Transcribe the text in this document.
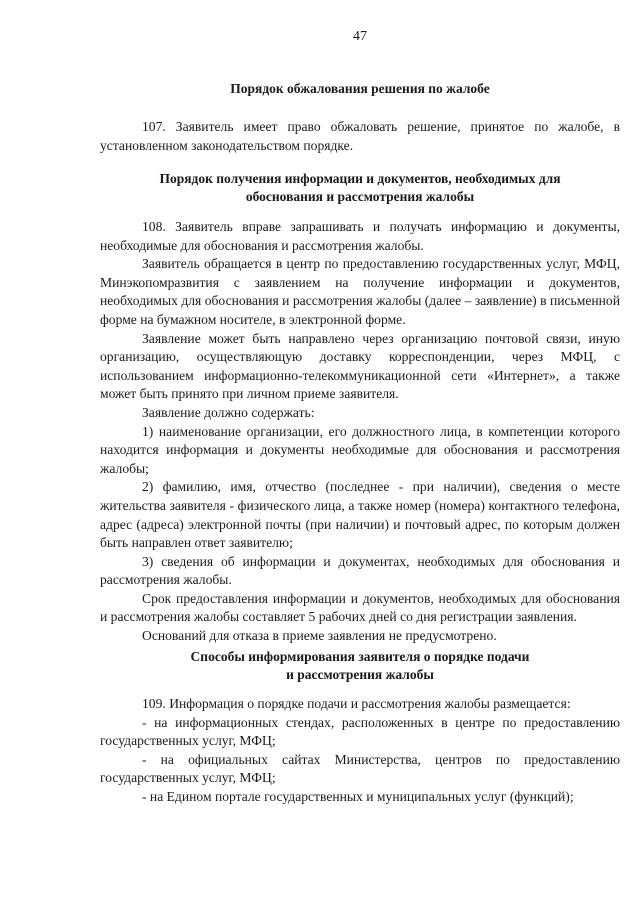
47
Порядок обжалования решения по жалобе

107. Заявитель имеет право обжаловать решение, принятое по жалобе, в установленном законодательством порядке.

Порядок получения информации и документов, необходимых для
обоснования и рассмотрения жалобы

108. Заявитель вправе запрашивать и получать информацию и документы, необходимые для обоснования и рассмотрения жалобы.

Заявитель обращается в центр по предоставлению государственных услуг, МФЦ, Минэкопомразвития с заявлением на получение информации и документов, необходимых для обоснования и рассмотрения жалобы (далее – заявление) в письменной форме на бумажном носителе, в электронной форме.

Заявление может быть направлено через организацию почтовой связи, иную организацию, осуществляющую доставку корреспонденции, через МФЦ, с использованием информационно-телекоммуникационной сети «Интернет», а также может быть принято при личном приеме заявителя.

Заявление должно содержать:

1) наименование организации, его должностного лица, в компетенции которого находится информация и документы необходимые для обоснования и рассмотрения жалобы;

2) фамилию, имя, отчество (последнее - при наличии), сведения о месте жительства заявителя - физического лица, а также номер (номера) контактного телефона, адрес (адреса) электронной почты (при наличии) и почтовый адрес, по которым должен быть направлен ответ заявителю;

3) сведения об информации и документах, необходимых для обоснования и рассмотрения жалобы.

Срок предоставления информации и документов, необходимых для обоснования и рассмотрения жалобы составляет 5 рабочих дней со дня регистрации заявления.

Оснований для отказа в приеме заявления не предусмотрено.

Способы информирования заявителя о порядке подачи
и рассмотрения жалобы

109. Информация о порядке подачи и рассмотрения жалобы размещается:

- на информационных стендах, расположенных в центре по предоставлению государственных услуг, МФЦ;

- на официальных сайтах Министерства, центров по предоставлению государственных услуг, МФЦ;

- на Едином портале государственных и муниципальных услуг (функций);
